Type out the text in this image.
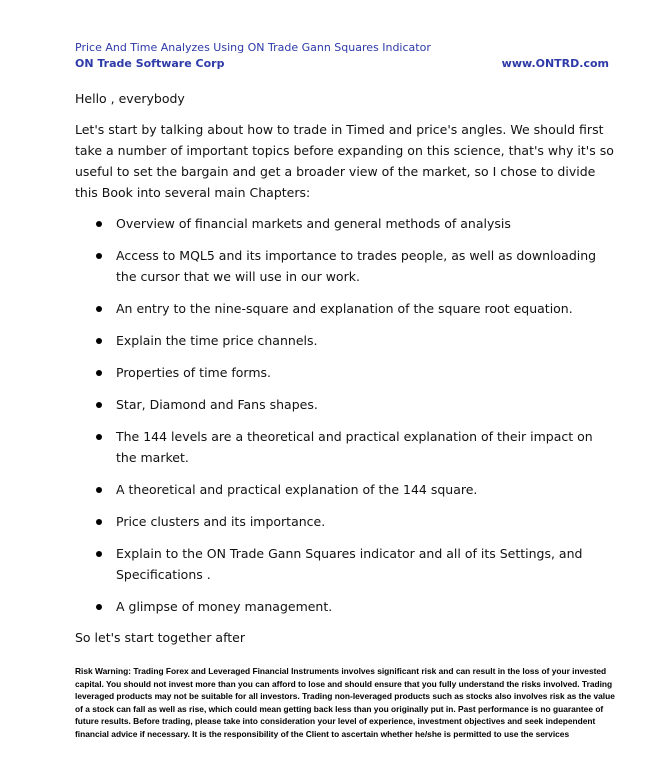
Price And Time Analyzes Using ON Trade Gann Squares Indicator
ON Trade Software Corp	www.ONTRD.com

Hello , everybody

Let's start by talking about how to trade in Timed and price's angles. We should first take a number of important topics before expanding on this science, that's why it's so useful to set the bargain and get a broader view of the market, so I chose to divide this Book into several main Chapters:

Overview of financial markets and general methods of analysis
Access to MQL5 and its importance to trades people, as well as downloading the cursor that we will use in our work.
An entry to the nine-square and explanation of the square root equation.
Explain the time price channels.
Properties of time forms.
Star, Diamond and Fans shapes.
The 144 levels are a theoretical and practical explanation of their impact on the market.
A theoretical and practical explanation of the 144 square.
Price clusters and its importance.
Explain to the ON Trade Gann Squares indicator and all of its Settings, and Specifications .
A glimpse of money management.

So let's start together after

Risk Warning: Trading Forex and Leveraged Financial Instruments involves significant risk and can result in the loss of your invested capital. You should not invest more than you can afford to lose and should ensure that you fully understand the risks involved. Trading leveraged products may not be suitable for all investors. Trading non-leveraged products such as stocks also involves risk as the value of a stock can fall as well as rise, which could mean getting back less than you originally put in. Past performance is no guarantee of future results. Before trading, please take into consideration your level of experience, investment objectives and seek independent financial advice if necessary. It is the responsibility of the Client to ascertain whether he/she is permitted to use the services
